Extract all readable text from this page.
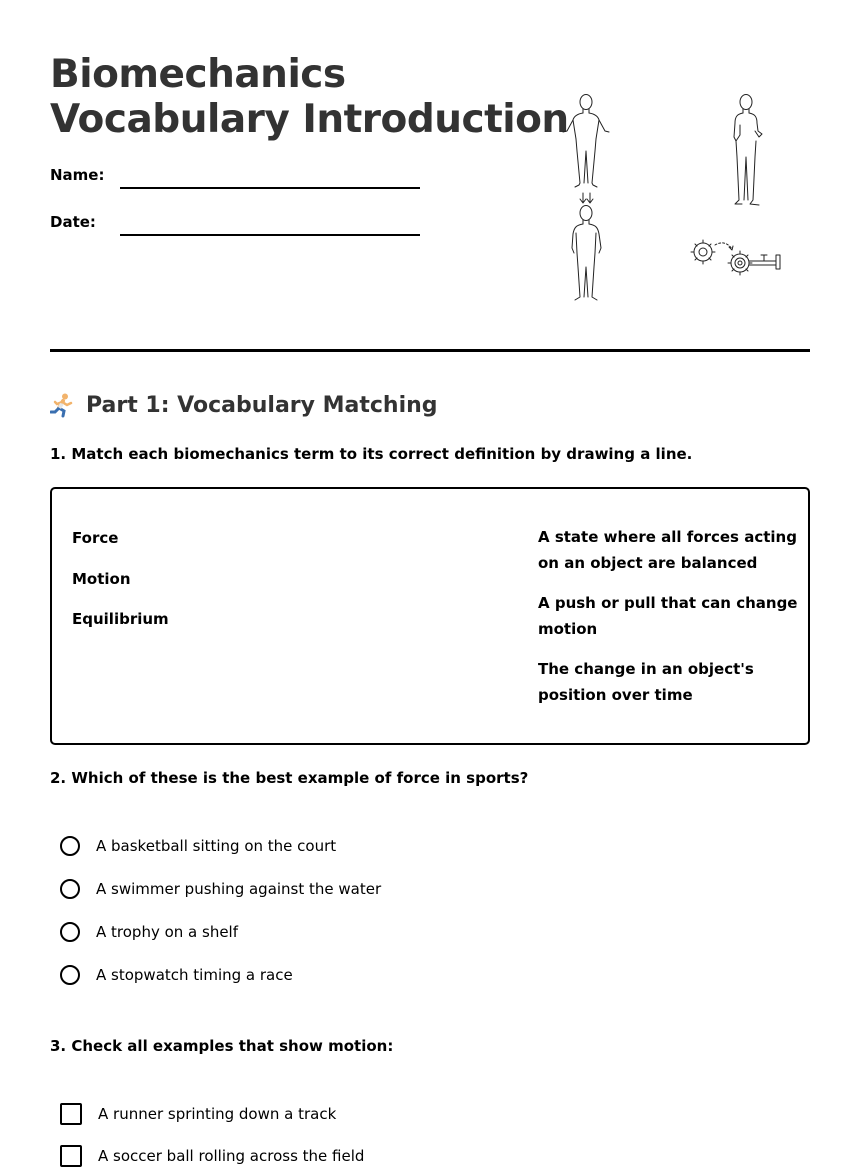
Biomechanics
Vocabulary Introduction
Name:
Date:
Part 1: Vocabulary Matching
1. Match each biomechanics term to its correct definition by drawing a line.
Force
Motion
Equilibrium
A state where all forces acting on an object are balanced
A push or pull that can change motion
The change in an object's position over time
2. Which of these is the best example of force in sports?
A basketball sitting on the court
A swimmer pushing against the water
A trophy on a shelf
A stopwatch timing a race
3. Check all examples that show motion:
A runner sprinting down a track
A soccer ball rolling across the field
